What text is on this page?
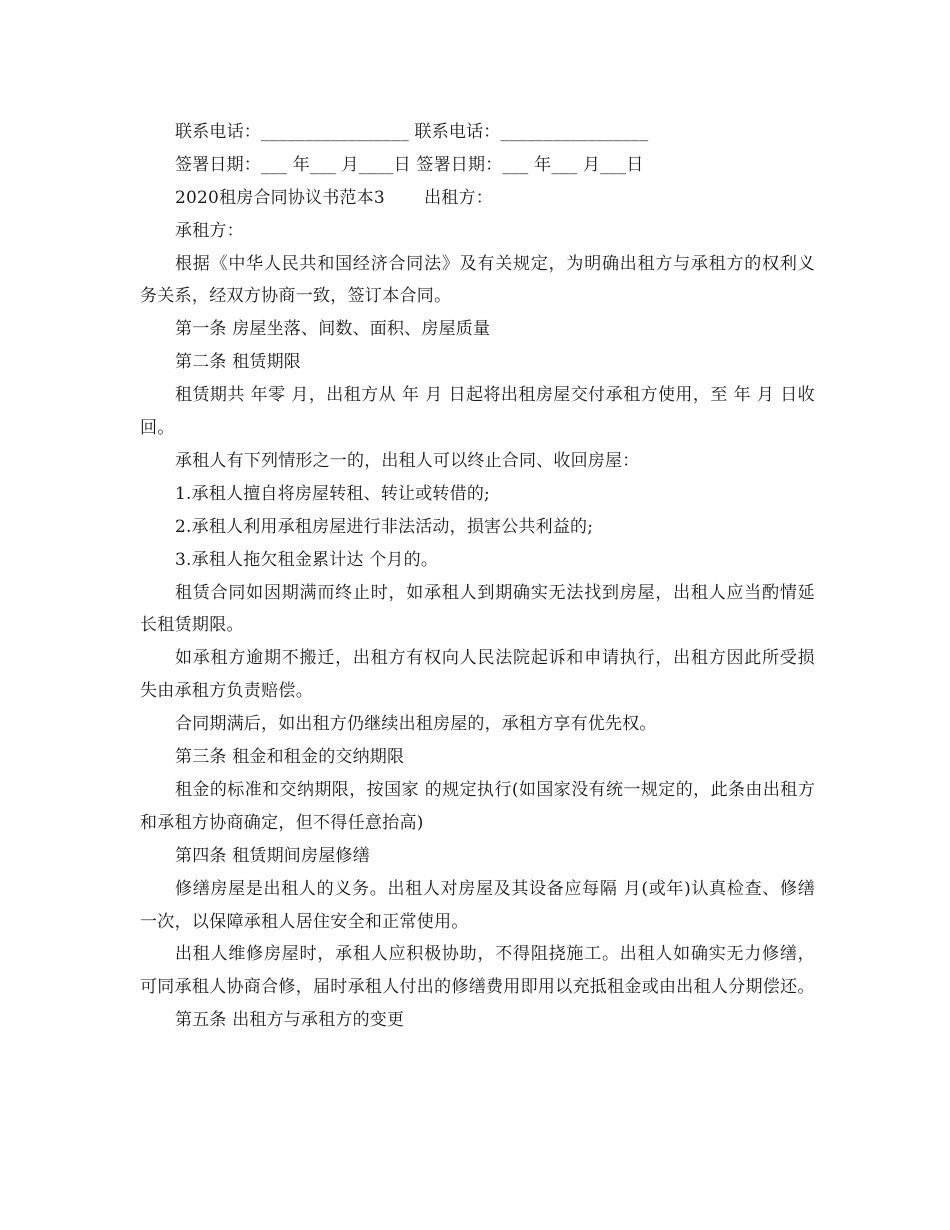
联系电话：_________________ 联系电话：_________________
签署日期：___ 年___ 月____日 签署日期：___ 年___ 月___日
2020租房合同协议书范本3       出租方：
承租方：
根据《中华人民共和国经济合同法》及有关规定，为明确出租方与承租方的权利义务关系，经双方协商一致，签订本合同。
第一条 房屋坐落、间数、面积、房屋质量
第二条 租赁期限
租赁期共 年零 月，出租方从 年 月 日起将出租房屋交付承租方使用，至 年 月 日收回。
承租人有下列情形之一的，出租人可以终止合同、收回房屋：
1.承租人擅自将房屋转租、转让或转借的;
2.承租人利用承租房屋进行非法活动，损害公共利益的;
3.承租人拖欠租金累计达 个月的。
租赁合同如因期满而终止时，如承租人到期确实无法找到房屋，出租人应当酌情延长租赁期限。
如承租方逾期不搬迁，出租方有权向人民法院起诉和申请执行，出租方因此所受损失由承租方负责赔偿。
合同期满后，如出租方仍继续出租房屋的，承租方享有优先权。
第三条 租金和租金的交纳期限
租金的标准和交纳期限，按国家 的规定执行(如国家没有统一规定的，此条由出租方和承租方协商确定，但不得任意抬高)
第四条 租赁期间房屋修缮
修缮房屋是出租人的义务。出租人对房屋及其设备应每隔 月(或年)认真检查、修缮一次，以保障承租人居住安全和正常使用。
出租人维修房屋时，承租人应积极协助，不得阻挠施工。出租人如确实无力修缮，可同承租人协商合修，届时承租人付出的修缮费用即用以充抵租金或由出租人分期偿还。
第五条 出租方与承租方的变更
